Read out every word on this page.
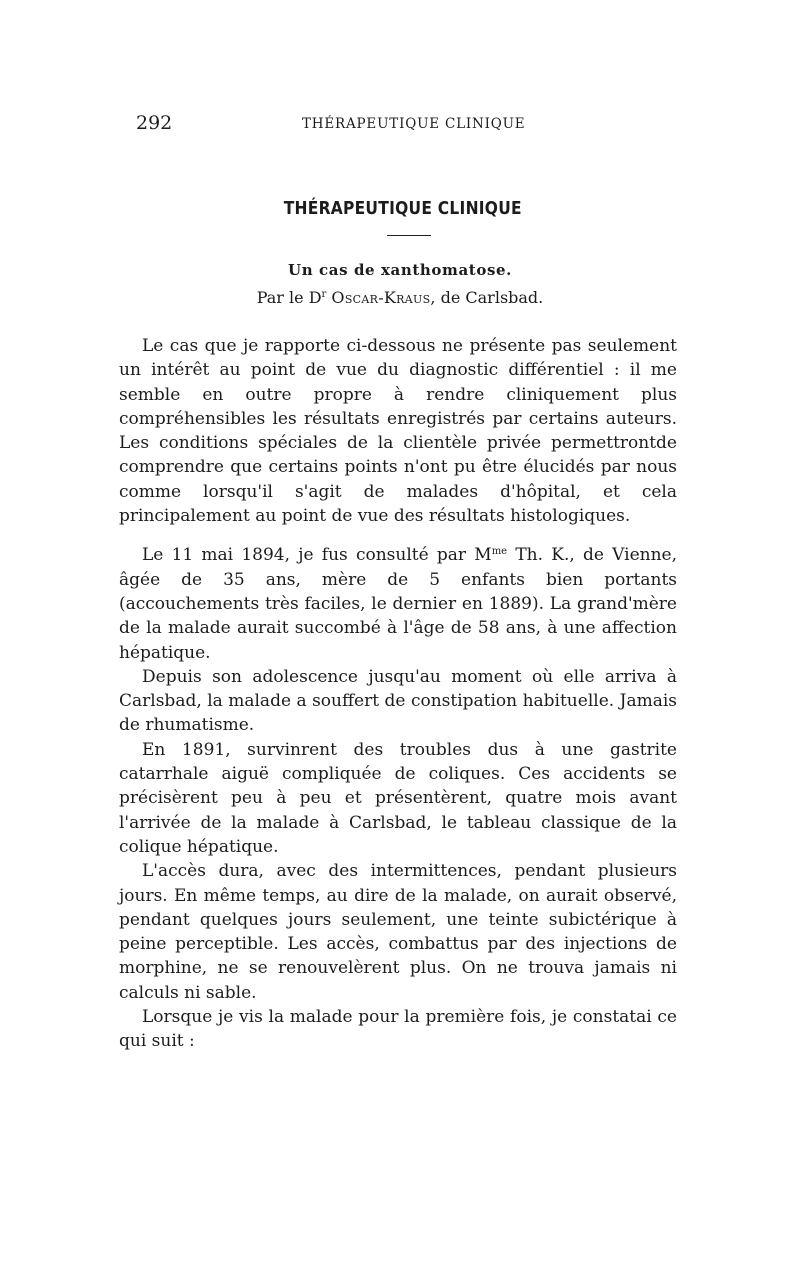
292	THÉRAPEUTIQUE CLINIQUE
THÉRAPEUTIQUE CLINIQUE
Un cas de xanthomatose.
Par le $D^r$ Oscar-Kraus, de Carlsbad.

Le cas que je rapporte ci-dessous ne présente pas seulement un intérêt au point de vue du diagnostic différentiel : il me semble en outre propre à rendre cliniquement plus compréhensibles les résultats enregistrés par certains auteurs. Les conditions spéciales de la clientèle privée permettrontde comprendre que certains points n'ont pu être élucidés par nous comme lorsqu'il s'agit de malades d'hôpital, et cela principalement au point de vue des résultats histologiques.

Le 11 mai 1894, je fus consulté par $M^{me}$ Th. K., de Vienne, âgée de 35 ans, mère de 5 enfants bien portants (accouchements très faciles, le dernier en 1889). La grand'mère de la malade aurait succombé à l'âge de 58 ans, à une affection hépatique.

Depuis son adolescence jusqu'au moment où elle arriva à Carlsbad, la malade a souffert de constipation habituelle. Jamais de rhumatisme.

En 1891, survinrent des troubles dus à une gastrite catarrhale aiguë compliquée de coliques. Ces accidents se précisèrent peu à peu et présentèrent, quatre mois avant l'arrivée de la malade à Carlsbad, le tableau classique de la colique hépatique.

L'accès dura, avec des intermittences, pendant plusieurs jours. En même temps, au dire de la malade, on aurait observé, pendant quelques jours seulement, une teinte subictérique à peine perceptible. Les accès, combattus par des injections de morphine, ne se renouvelèrent plus. On ne trouva jamais ni calculs ni sable.

Lorsque je vis la malade pour la première fois, je constatai ce qui suit :
